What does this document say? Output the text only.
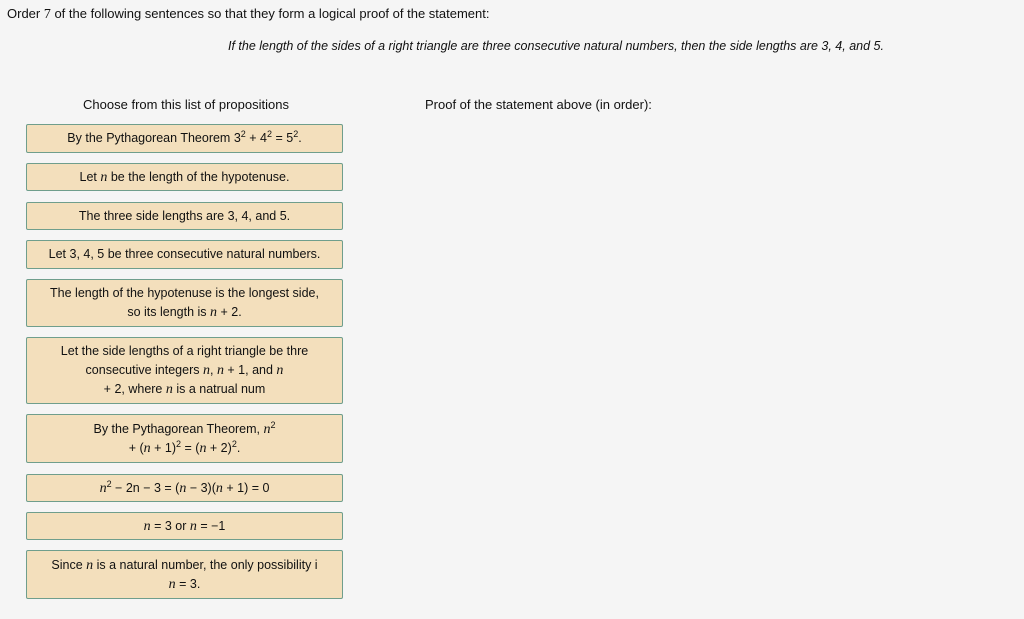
Order 7 of the following sentences so that they form a logical proof of the statement:
If the length of the sides of a right triangle are three consecutive natural numbers, then the side lengths are 3, 4, and 5.
Choose from this list of propositions	Proof of the statement above (in order):
By the Pythagorean Theorem $3^2 + 4^2 = 5^2$.
Let n be the length of the hypotenuse.
The three side lengths are 3, 4, and 5.
Let 3, 4, 5 be three consecutive natural numbers.
The length of the hypotenuse is the longest side,
so its length is n + 2.
Let the side lengths of a right triangle be thre
consecutive integers n, n + 1, and n
+ 2, where n is a natrual num
By the Pythagorean Theorem, $n^2$
+ $(n + 1)^2 = (n + 2)^2$.
$n^2 - 2n - 3 = (n - 3)(n + 1) = 0$
n = 3 or n = −1
Since n is a natural number, the only possibility i
n = 3.
